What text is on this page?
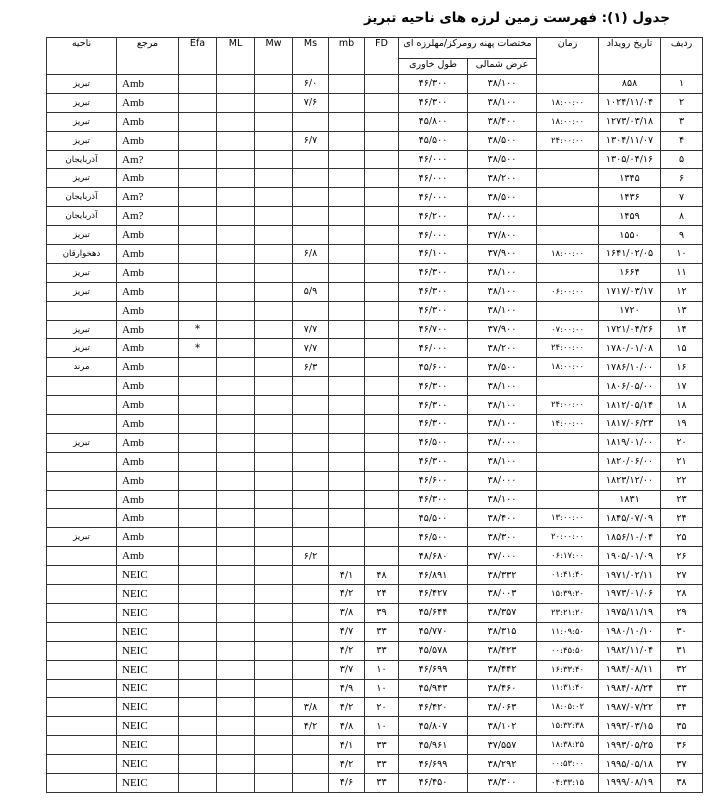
جدول (۱): فهرست زمین لرزه های ناحیه تبریز
ردیف	تاریخ رویداد	زمان	مختصات پهنه رومرکز/مهلرزه ای		FD	mb	Ms	Mw	ML	Efa	مرجع	ناحیه
			عرض شمالی	طول خاوری								
۱	۸۵۸		۳۸/۱۰۰	۴۶/۳۰۰			۶/۰				Amb	تبریز
۲	۱۰۲۴/۱۱/۰۴	۱۸:۰۰:۰۰	۳۸/۱۰۰	۴۶/۳۰۰			۷/۶				Amb	تبریز
۳	۱۲۷۳/۰۳/۱۸	۱۸:۰۰:۰۰	۳۸/۴۰۰	۴۵/۸۰۰							Amb	تبریز
۴	۱۳۰۴/۱۱/۰۷	۲۴:۰۰:۰۰	۳۸/۵۰۰	۴۵/۵۰۰			۶/۷				Amb	تبریز
۵	۱۳۰۵/۰۴/۱۶		۳۸/۵۰۰	۴۶/۰۰۰							Am?	آذربایجان
۶	۱۳۴۵		۳۸/۲۰۰	۴۶/۰۰۰							Amb	تبریز
۷	۱۴۳۶		۳۸/۵۰۰	۴۶/۰۰۰							Am?	آذربایجان
۸	۱۴۵۹		۳۸/۰۰۰	۴۶/۲۰۰							Am?	آذربایجان
۹	۱۵۵۰		۳۷/۸۰۰	۴۶/۰۰۰							Amb	تبریز
۱۰	۱۶۴۱/۰۲/۰۵	۱۸:۰۰:۰۰	۳۷/۹۰۰	۴۶/۱۰۰			۶/۸				Amb	دهخوارقان
۱۱	۱۶۶۴		۳۸/۱۰۰	۴۶/۳۰۰							Amb	تبریز
۱۲	۱۷۱۷/۰۳/۱۷	۰۶:۰۰:۰۰	۳۸/۱۰۰	۴۶/۳۰۰			۵/۹				Amb	تبریز
۱۳	۱۷۲۰		۳۸/۱۰۰	۴۶/۳۰۰							Amb	
۱۴	۱۷۲۱/۰۴/۲۶	۰۷:۰۰:۰۰	۳۷/۹۰۰	۴۶/۷۰۰			۷/۷			*	Amb	تبریز
۱۵	۱۷۸۰/۰۱/۰۸	۲۴:۰۰:۰۰	۳۸/۲۰۰	۴۶/۰۰۰			۷/۷			*	Amb	تبریز
۱۶	۱۷۸۶/۱۰/۰۰	۱۸:۰۰:۰۰	۳۸/۵۰۰	۴۵/۶۰۰			۶/۳				Amb	مرند
۱۷	۱۸۰۶/۰۵/۰۰		۳۸/۱۰۰	۴۶/۳۰۰							Amb	
۱۸	۱۸۱۲/۰۵/۱۴	۲۴:۰۰:۰۰	۳۸/۱۰۰	۴۶/۳۰۰							Amb	
۱۹	۱۸۱۷/۰۶/۲۳	۱۴:۰۰:۰۰	۳۸/۱۰۰	۴۶/۳۰۰							Amb	
۲۰	۱۸۱۹/۰۱/۰۰		۳۸/۰۰۰	۴۶/۵۰۰							Amb	تبریز
۲۱	۱۸۲۰/۰۶/۰۰		۳۸/۱۰۰	۴۶/۳۰۰							Amb	
۲۲	۱۸۲۳/۱۲/۰۰		۳۸/۰۰۰	۴۶/۶۰۰							Amb	
۲۳	۱۸۳۱		۳۸/۱۰۰	۴۶/۳۰۰							Amb	
۲۴	۱۸۴۵/۰۷/۰۹	۱۳:۰۰:۰۰	۳۸/۴۰۰	۴۵/۵۰۰							Amb	
۲۵	۱۸۵۶/۱۰/۰۴	۲۰:۰۰:۰۰	۳۸/۳۰۰	۴۶/۵۰۰							Amb	تبریز
۲۶	۱۹۰۵/۰۱/۰۹	۰۶:۱۷:۰۰	۳۷/۰۰۰	۴۸/۶۸۰			۶/۲				Amb	
۲۷	۱۹۷۱/۰۲/۱۱	۰۱:۴۱:۴۰	۳۸/۳۳۲	۴۶/۸۹۱	۴۸	۴/۱					NEIC	
۲۸	۱۹۷۳/۰۱/۰۶	۱۵:۳۹:۲۰	۳۸/۰۰۳	۴۶/۴۲۷	۲۴	۴/۲					NEIC	
۲۹	۱۹۷۵/۱۱/۱۹	۲۳:۲۱:۲۰	۳۸/۳۵۷	۴۵/۶۴۴	۳۹	۳/۸					NEIC	
۳۰	۱۹۸۰/۱۰/۱۰	۱۱:۰۹:۵۰	۳۸/۳۱۵	۴۵/۷۷۰	۳۳	۴/۷					NEIC	
۳۱	۱۹۸۲/۱۱/۰۴	۰۰:۴۵:۵۰	۳۸/۴۲۳	۴۵/۵۷۸	۳۳	۴/۲					NEIC	
۳۲	۱۹۸۴/۰۸/۱۱	۱۶:۳۳:۴۰	۳۸/۴۴۲	۴۶/۶۹۹	۱۰	۳/۷					NEIC	
۳۳	۱۹۸۴/۰۸/۲۴	۱۱:۳۱:۴۰	۳۸/۴۶۰	۴۵/۹۴۳	۱۰	۴/۹					NEIC	
۳۴	۱۹۸۷/۰۷/۲۲	۱۸:۰۵:۰۲	۳۸/۰۶۳	۴۶/۴۲۰	۲۰	۴/۲	۳/۸				NEIC	
۳۵	۱۹۹۳/۰۳/۱۵	۱۵:۳۲:۳۸	۳۸/۱۰۲	۴۵/۸۰۷	۱۰	۴/۸	۴/۲				NEIC	
۳۶	۱۹۹۳/۰۵/۲۵	۱۸:۳۸:۲۵	۳۷/۵۵۷	۴۵/۹۶۱	۳۳	۴/۱					NEIC	
۳۷	۱۹۹۵/۰۵/۱۸	۰۰:۵۳:۰۰	۳۸/۲۹۲	۴۶/۶۹۹	۳۳	۴/۲					NEIC	
۳۸	۱۹۹۹/۰۸/۱۹	۰۴:۳۳:۱۵	۳۸/۳۰۰	۴۶/۴۵۰	۳۳	۴/۶					NEIC	
